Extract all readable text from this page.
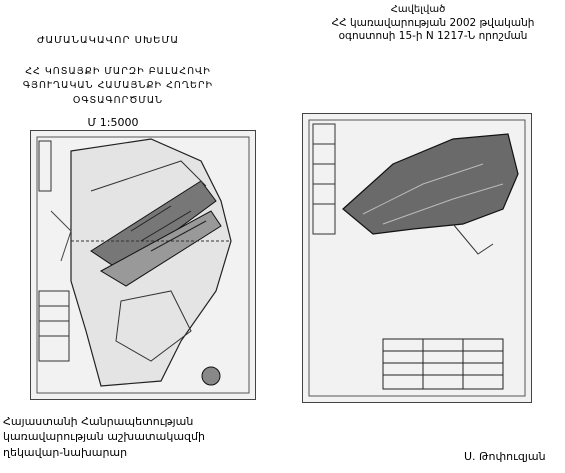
ԺԱՄԱՆԱԿԱՎՈՐ ՍԽԵՄԱ
ՀՀ ԿՈՏԱՅՔԻ ՄԱՐԶԻ ԲԱԼԱՀՈՎԻ
ԳՅՈՒՂԱԿԱՆ ՀԱՄԱՅՆՔԻ ՀՈՂԵՐԻ
ՕԳՏԱԳՈՐԾՄԱՆ
Մ 1:5000
Հավելված
ՀՀ կառավարության 2002 թվականի
օգոստոսի 15-ի N 1217-Ն որոշման
Հայաստանի Հանրապետության
կառավարության աշխատակազմի
ղեկավար-նախարար	Ս. Թոփուզյան
